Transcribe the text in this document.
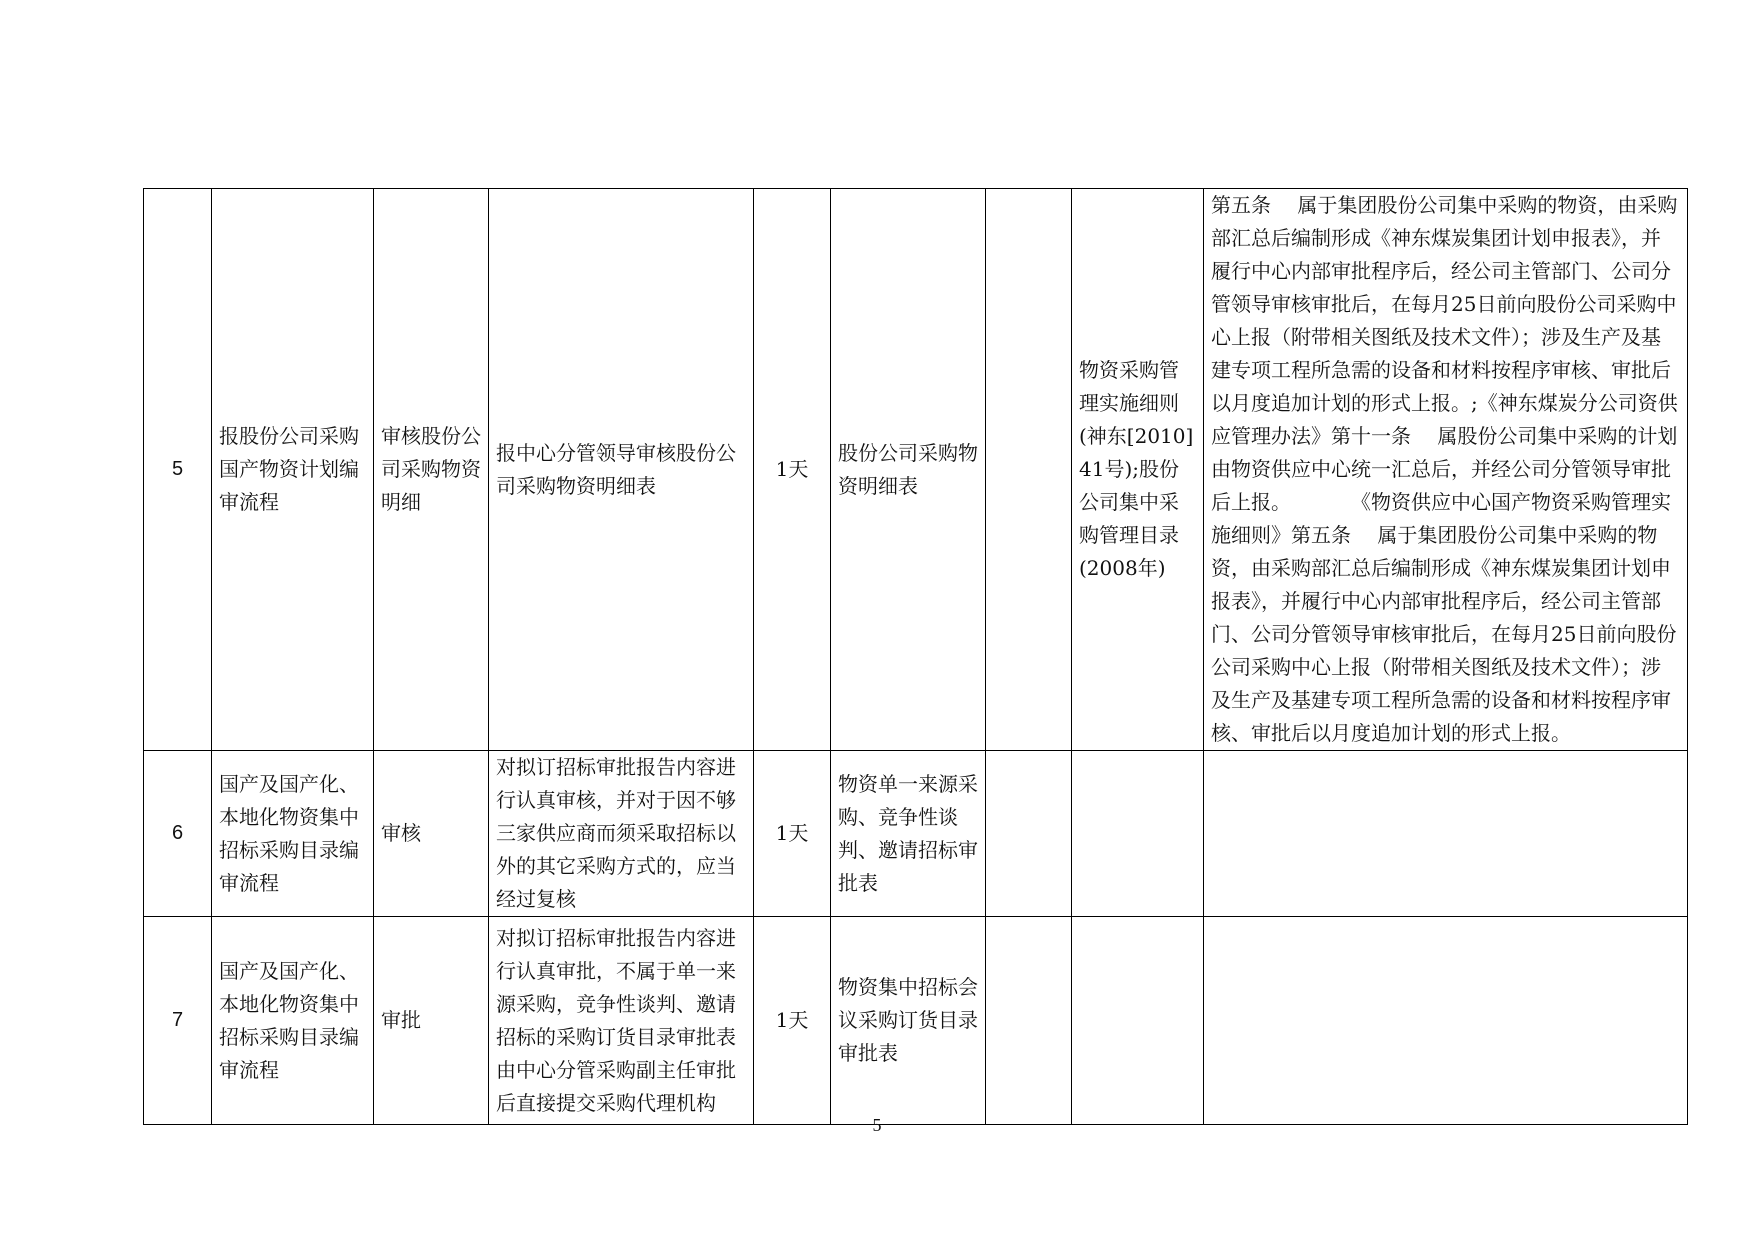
5	报股份公司采购国产物资计划编审流程	审核股份公司采购物资明细	报中心分管领导审核股份公司采购物资明细表	1天	股份公司采购物资明细表		物资采购管理实施细则(神东[2010]41号);股份公司集中采购管理目录(2008年)	第五条　 属于集团股份公司集中采购的物资，由采购部汇总后编制形成《神东煤炭集团计划申报表》，并履行中心内部审批程序后，经公司主管部门、公司分管领导审核审批后，在每月25日前向股份公司采购中心上报（附带相关图纸及技术文件）；涉及生产及基建专项工程所急需的设备和材料按程序审核、审批后以月度追加计划的形式上报。;《神东煤炭分公司资供应管理办法》第十一条　 属股份公司集中采购的计划由物资供应中心统一汇总后，并经公司分管领导审批后上报。　　　　《物资供应中心国产物资采购管理实施细则》第五条　 属于集团股份公司集中采购的物资，由采购部汇总后编制形成《神东煤炭集团计划申报表》，并履行中心内部审批程序后，经公司主管部门、公司分管领导审核审批后，在每月25日前向股份公司采购中心上报（附带相关图纸及技术文件）；涉及生产及基建专项工程所急需的设备和材料按程序审核、审批后以月度追加计划的形式上报。

6	国产及国产化、本地化物资集中招标采购目录编审流程	审核	对拟订招标审批报告内容进行认真审核，并对于因不够三家供应商而须采取招标以外的其它采购方式的，应当经过复核	1天	物资单一来源采购、竞争性谈判、邀请招标审批表			

7	国产及国产化、本地化物资集中招标采购目录编审流程	审批	对拟订招标审批报告内容进行认真审批，不属于单一来源采购，竞争性谈判、邀请招标的采购订货目录审批表由中心分管采购副主任审批后直接提交采购代理机构	1天	物资集中招标会议采购订货目录审批表			
5
